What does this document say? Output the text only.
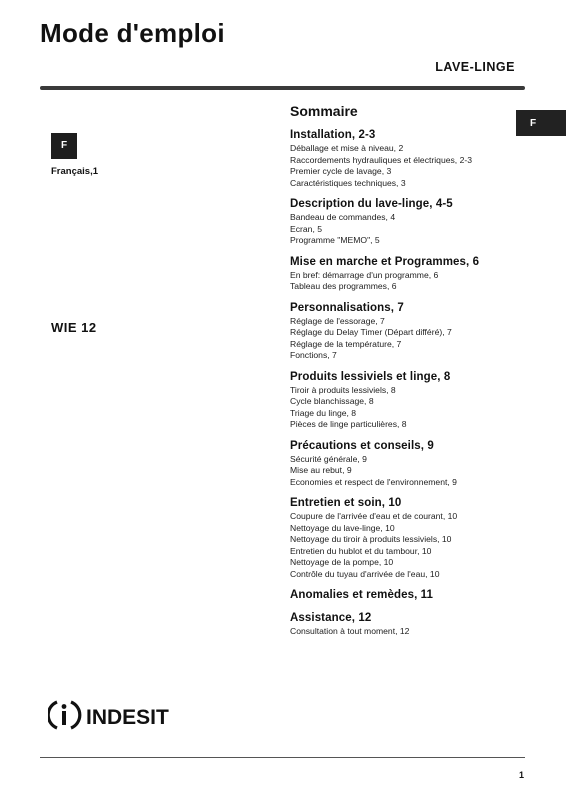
Mode d'emploi
LAVE-LINGE
F
F
Français,1
WIE 12
Sommaire
Installation, 2-3
Déballage et mise à niveau, 2
Raccordements hydrauliques et électriques, 2-3
Premier cycle de lavage, 3
Caractéristiques techniques, 3
Description du lave-linge, 4-5
Bandeau de commandes, 4
Ecran, 5
Programme "MEMO", 5
Mise en marche et Programmes, 6
En bref: démarrage d'un programme, 6
Tableau des programmes, 6
Personnalisations, 7
Réglage de l'essorage, 7
Réglage du Delay Timer (Départ différé), 7
Réglage de la température, 7
Fonctions, 7
Produits lessiviels et linge, 8
Tiroir à produits lessiviels, 8
Cycle blanchissage, 8
Triage du linge, 8
Pièces de linge particulières, 8
Précautions et conseils, 9
Sécurité générale, 9
Mise au rebut, 9
Economies et respect de l'environnement, 9
Entretien et soin, 10
Coupure de l'arrivée d'eau et de courant, 10
Nettoyage du lave-linge, 10
Nettoyage du tiroir à produits lessiviels, 10
Entretien du hublot et du tambour, 10
Nettoyage de la pompe, 10
Contrôle du tuyau d'arrivée de l'eau, 10
Anomalies et remèdes, 11
Assistance, 12
Consultation à tout moment, 12
INDESIT
1
